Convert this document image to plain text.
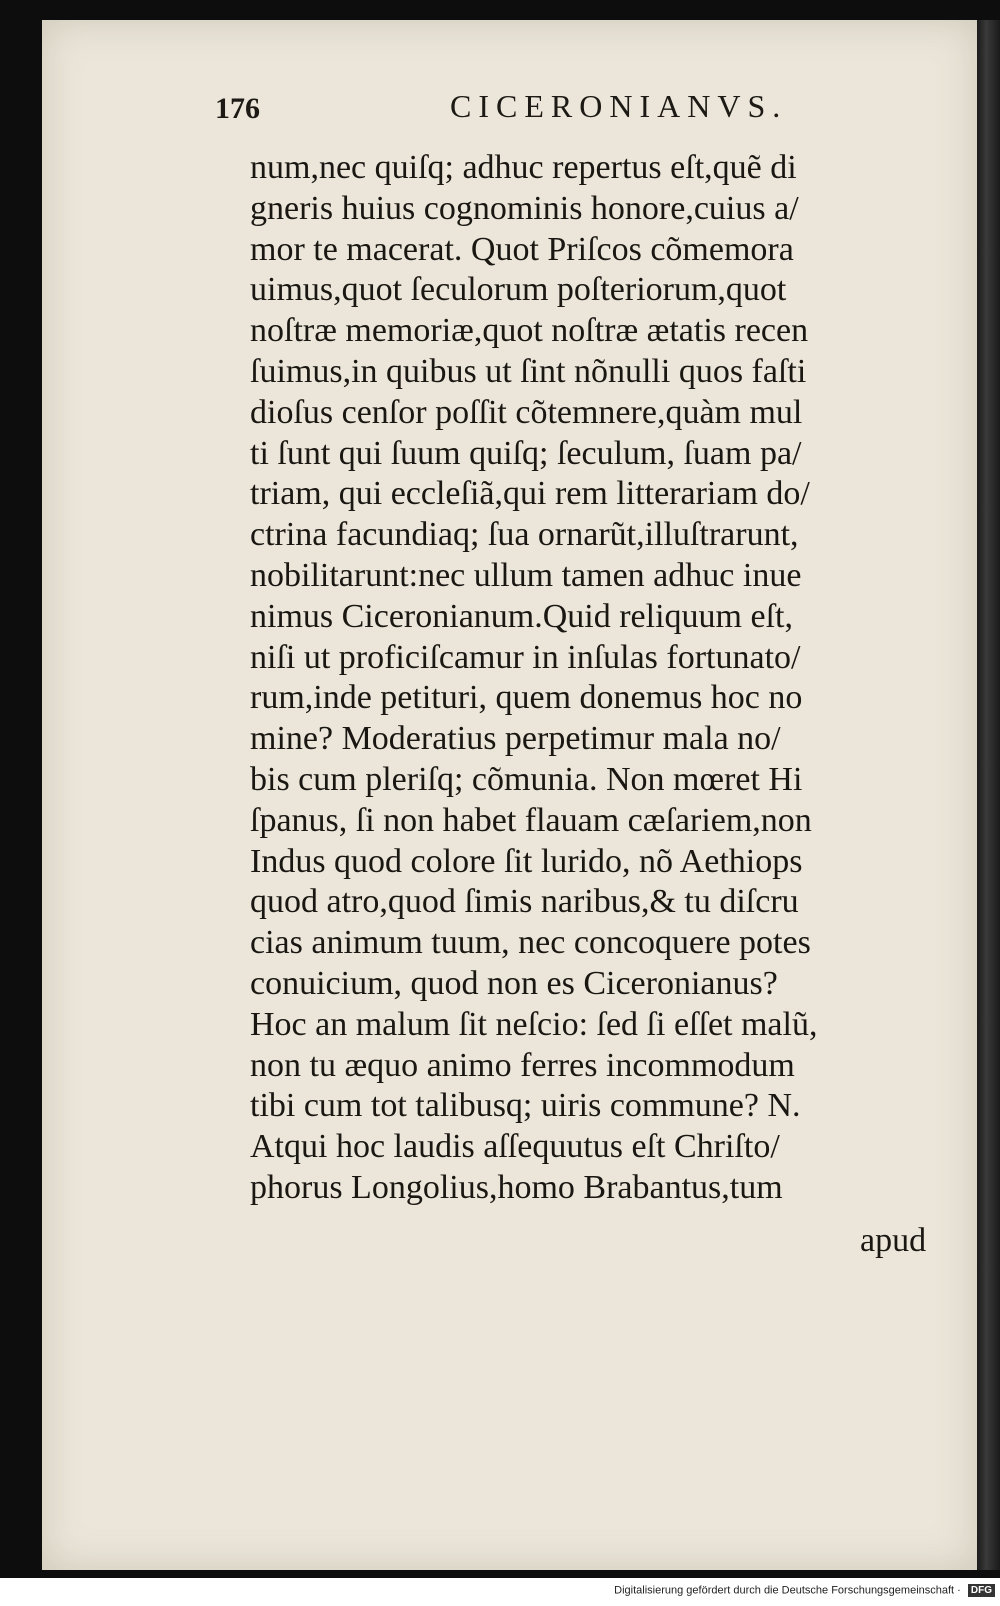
176	CICERONIANVS.
num,nec quiſq; adhuc repertus eſt,quẽ di
gneris huius cognominis honore,cuius a/
mor te macerat. Quot Priſcos cõmemora
uimus,quot ſeculorum poſteriorum,quot
noſtræ memoriæ,quot noſtræ ætatis recen
ſuimus,in quibus ut ſint nõnulli quos faſti
dioſus cenſor poſſit cõtemnere,quàm mul
ti ſunt qui ſuum quiſq; ſeculum, ſuam pa/
triam, qui eccleſiã,qui rem litterariam do/
ctrina facundiaq; ſua ornarũt,illuſtrarunt,
nobilitarunt:nec ullum tamen adhuc inue
nimus Ciceronianum.Quid reliquum eſt,
niſi ut proficiſcamur in inſulas fortunato/
rum,inde petituri, quem donemus hoc no
mine? Moderatius perpetimur mala no/
bis cum pleriſq; cõmunia. Non mœret Hi
ſpanus, ſi non habet flauam cæſariem,non
Indus quod colore ſit lurido, nõ Aethiops
quod atro,quod ſimis naribus,& tu diſcru
cias animum tuum, nec concoquere potes
conuicium, quod non es Ciceronianus?
Hoc an malum ſit neſcio: ſed ſi eſſet malũ,
non tu æquo animo ferres incommodum
tibi cum tot talibusq; uiris commune? N.
Atqui hoc laudis aſſequutus eſt Chriſto/
phorus Longolius,homo Brabantus,tum
apud
Digitalisierung gefördert durch die Deutsche Forschungsgemeinschaft · DFG
